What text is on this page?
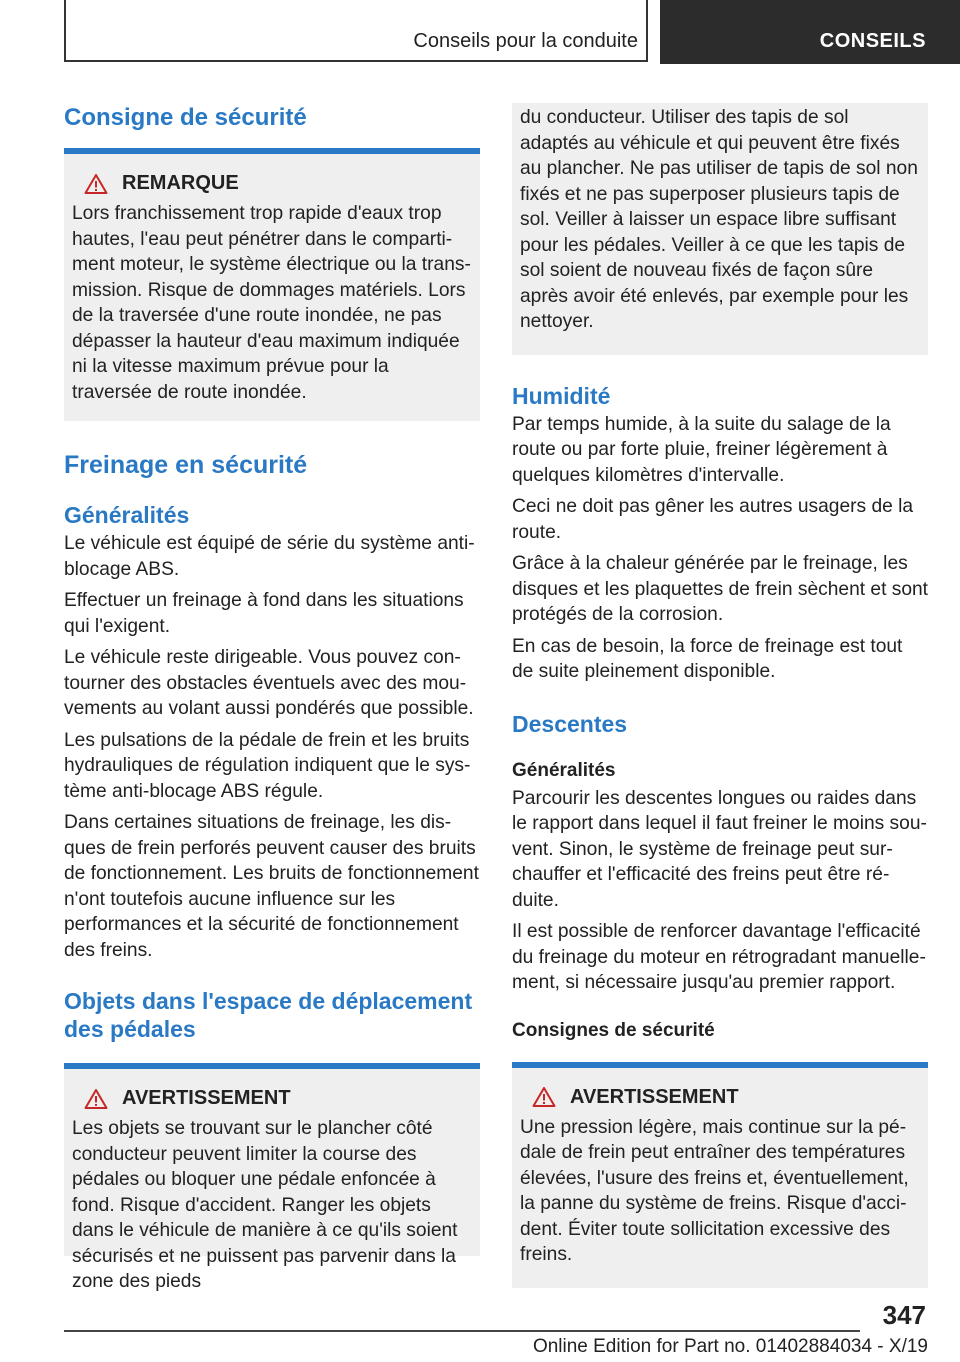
Conseils pour la conduite	CONSEILS
Consigne de sécurité
REMARQUE

Lors franchissement trop rapide d'eaux trop hautes, l'eau peut pénétrer dans le compartiment moteur, le système électrique ou la transmission. Risque de dommages matériels. Lors de la traversée d'une route inondée, ne pas dépasser la hauteur d'eau maximum indiquée ni la vitesse maximum prévue pour la traversée de route inondée.

Freinage en sécurité
Généralités

Le véhicule est équipé de série du système antiblocage ABS.

Effectuer un freinage à fond dans les situations qui l'exigent.

Le véhicule reste dirigeable. Vous pouvez contourner des obstacles éventuels avec des mouvements au volant aussi pondérés que possible.

Les pulsations de la pédale de frein et les bruits hydrauliques de régulation indiquent que le système anti-blocage ABS régule.

Dans certaines situations de freinage, les disques de frein perforés peuvent causer des bruits de fonctionnement. Les bruits de fonctionnement n'ont toutefois aucune influence sur les performances et la sécurité de fonctionnement des freins.

Objets dans l'espace de déplacement des pédales
AVERTISSEMENT

Les objets se trouvant sur le plancher côté conducteur peuvent limiter la course des pédales ou bloquer une pédale enfoncée à fond. Risque d'accident. Ranger les objets dans le véhicule de manière à ce qu'ils soient sécurisés et ne puissent pas parvenir dans la zone des pieds

du conducteur. Utiliser des tapis de sol adaptés au véhicule et qui peuvent être fixés au plancher. Ne pas utiliser de tapis de sol non fixés et ne pas superposer plusieurs tapis de sol. Veiller à laisser un espace libre suffisant pour les pédales. Veiller à ce que les tapis de sol soient de nouveau fixés de façon sûre après avoir été enlevés, par exemple pour les nettoyer.

Humidité

Par temps humide, à la suite du salage de la route ou par forte pluie, freiner légèrement à quelques kilomètres d'intervalle.

Ceci ne doit pas gêner les autres usagers de la route.

Grâce à la chaleur générée par le freinage, les disques et les plaquettes de frein sèchent et sont protégés de la corrosion.

En cas de besoin, la force de freinage est tout de suite pleinement disponible.

Descentes
Généralités

Parcourir les descentes longues ou raides dans le rapport dans lequel il faut freiner le moins souvent. Sinon, le système de freinage peut surchauffer et l'efficacité des freins peut être réduite.

Il est possible de renforcer davantage l'efficacité du freinage du moteur en rétrogradant manuellement, si nécessaire jusqu'au premier rapport.

Consignes de sécurité
AVERTISSEMENT

Une pression légère, mais continue sur la pédale de frein peut entraîner des températures élevées, l'usure des freins et, éventuellement, la panne du système de freins. Risque d'accident. Éviter toute sollicitation excessive des freins.

347
Online Edition for Part no. 01402884034 - X/19
